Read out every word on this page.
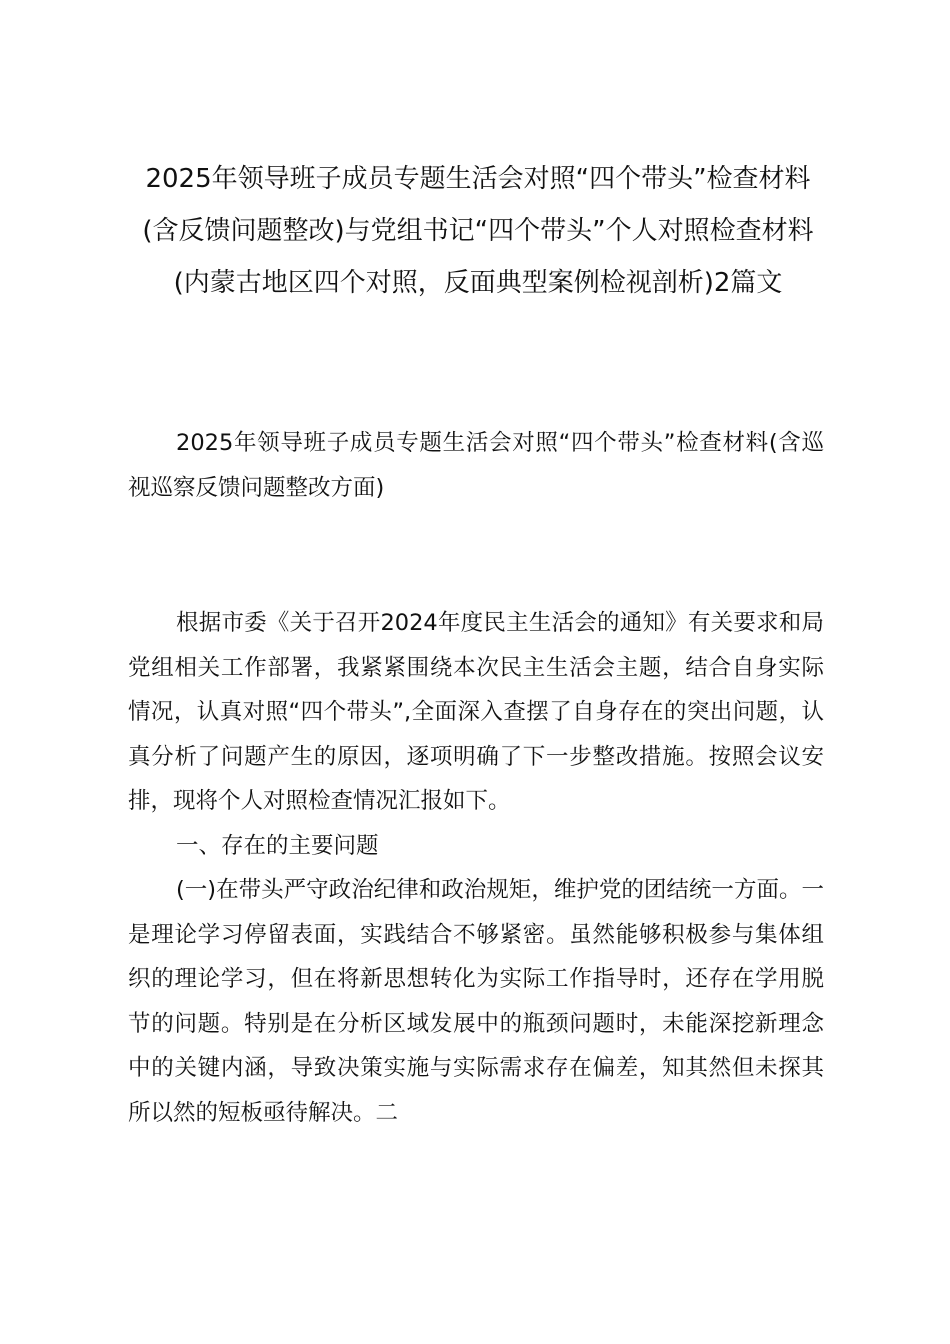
2025年领导班子成员专题生活会对照“四个带头”检查材料(含反馈问题整改)与党组书记“四个带头”个人对照检查材料(内蒙古地区四个对照，反面典型案例检视剖析)2篇文

2025年领导班子成员专题生活会对照“四个带头”检查材料(含巡视巡察反馈问题整改方面)

根据市委《关于召开2024年度民主生活会的通知》有关要求和局党组相关工作部署，我紧紧围绕本次民主生活会主题，结合自身实际情况，认真对照“四个带头”,全面深入查摆了自身存在的突出问题，认真分析了问题产生的原因，逐项明确了下一步整改措施。按照会议安排，现将个人对照检查情况汇报如下。

一、存在的主要问题

(一)在带头严守政治纪律和政治规矩，维护党的团结统一方面。一是理论学习停留表面，实践结合不够紧密。虽然能够积极参与集体组织的理论学习，但在将新思想转化为实际工作指导时，还存在学用脱节的问题。特别是在分析区域发展中的瓶颈问题时，未能深挖新理念中的关键内涵，导致决策实施与实际需求存在偏差，知其然但未探其所以然的短板亟待解决。二
